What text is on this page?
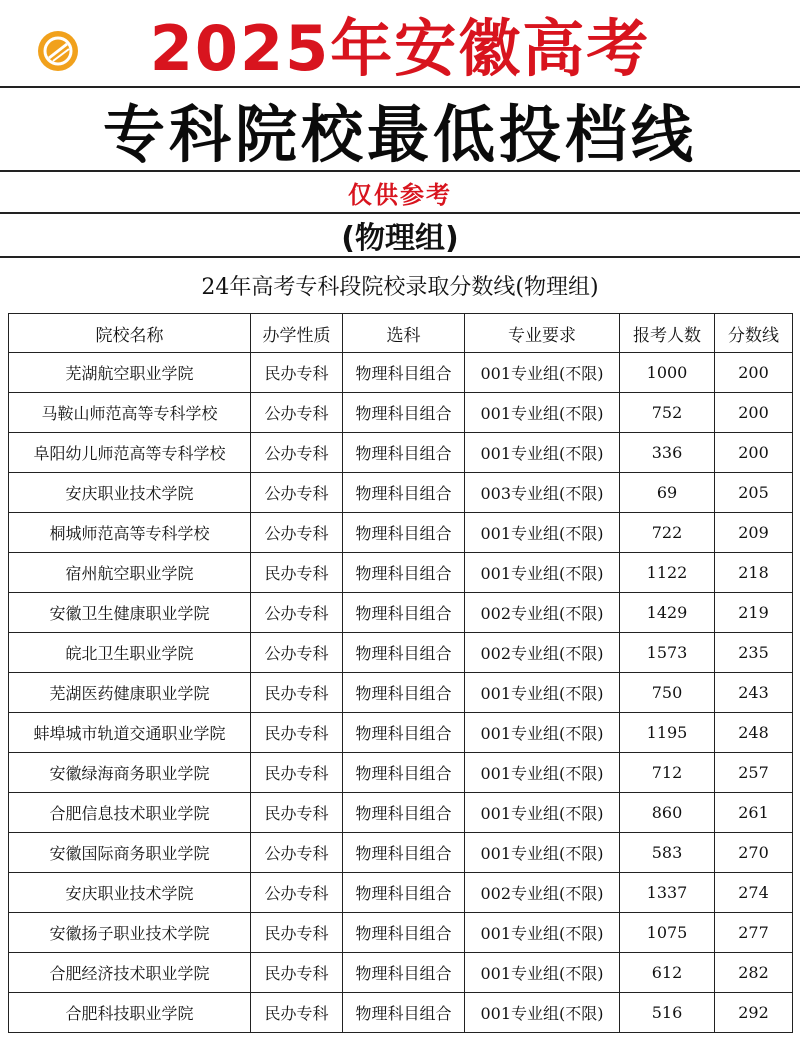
2025年安徽高考
专科院校最低投档线
仅供参考
(物理组)
24年高考专科段院校录取分数线(物理组)
院校名称	办学性质	选科	专业要求	报考人数	分数线
芜湖航空职业学院	民办专科	物理科目组合	001专业组(不限)	1000	200
马鞍山师范高等专科学校	公办专科	物理科目组合	001专业组(不限)	752	200
阜阳幼儿师范高等专科学校	公办专科	物理科目组合	001专业组(不限)	336	200
安庆职业技术学院	公办专科	物理科目组合	003专业组(不限)	69	205
桐城师范高等专科学校	公办专科	物理科目组合	001专业组(不限)	722	209
宿州航空职业学院	民办专科	物理科目组合	001专业组(不限)	1122	218
安徽卫生健康职业学院	公办专科	物理科目组合	002专业组(不限)	1429	219
皖北卫生职业学院	公办专科	物理科目组合	002专业组(不限)	1573	235
芜湖医药健康职业学院	民办专科	物理科目组合	001专业组(不限)	750	243
蚌埠城市轨道交通职业学院	民办专科	物理科目组合	001专业组(不限)	1195	248
安徽绿海商务职业学院	民办专科	物理科目组合	001专业组(不限)	712	257
合肥信息技术职业学院	民办专科	物理科目组合	001专业组(不限)	860	261
安徽国际商务职业学院	公办专科	物理科目组合	001专业组(不限)	583	270
安庆职业技术学院	公办专科	物理科目组合	002专业组(不限)	1337	274
安徽扬子职业技术学院	民办专科	物理科目组合	001专业组(不限)	1075	277
合肥经济技术职业学院	民办专科	物理科目组合	001专业组(不限)	612	282
合肥科技职业学院	民办专科	物理科目组合	001专业组(不限)	516	292
